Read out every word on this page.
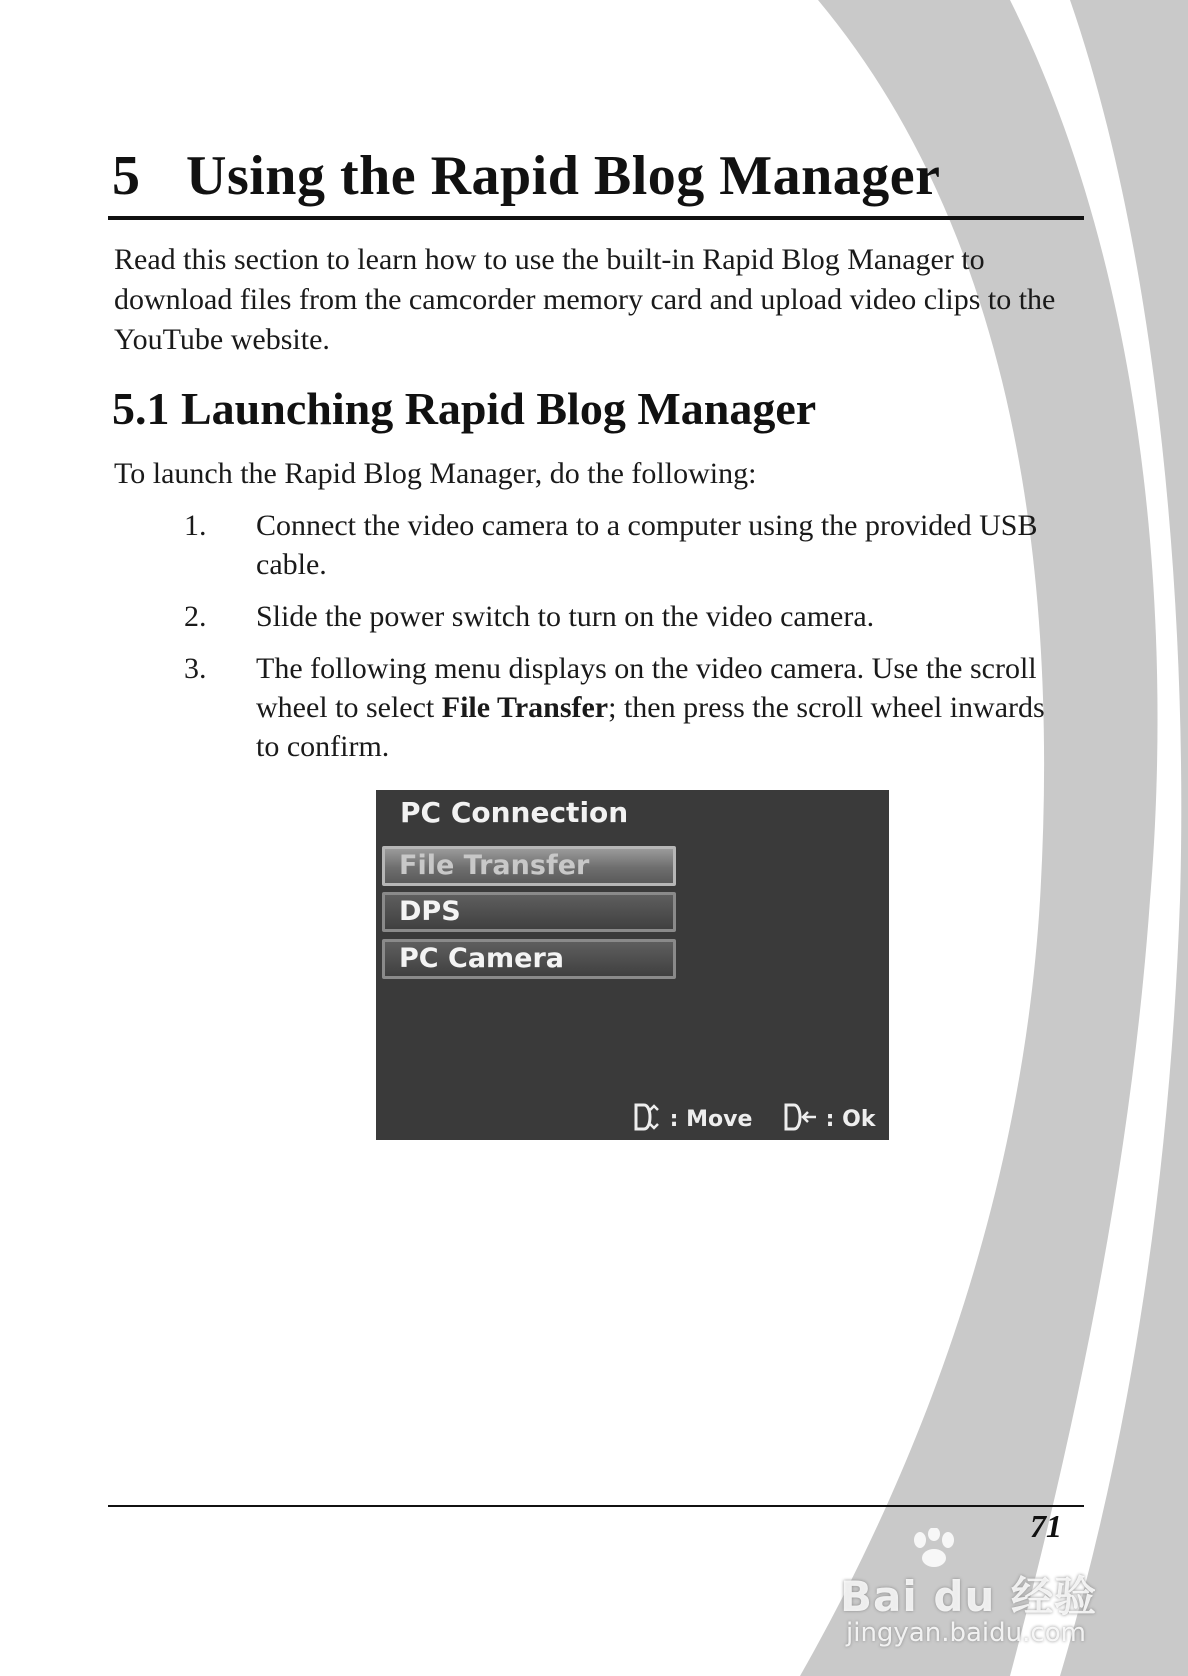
5 Using the Rapid Blog Manager

Read this section to learn how to use the built-in Rapid Blog Manager to download files from the camcorder memory card and upload video clips to the YouTube website.

5.1 Launching Rapid Blog Manager

To launch the Rapid Blog Manager, do the following:

1. Connect the video camera to a computer using the provided USB cable.
2. Slide the power switch to turn on the video camera.
3. The following menu displays on the video camera. Use the scroll wheel to select File Transfer; then press the scroll wheel inwards to confirm.
PC Connection
File Transfer
DPS
PC Camera
: Move	: Ok
71
Bai du 经验
jingyan.baidu.com
